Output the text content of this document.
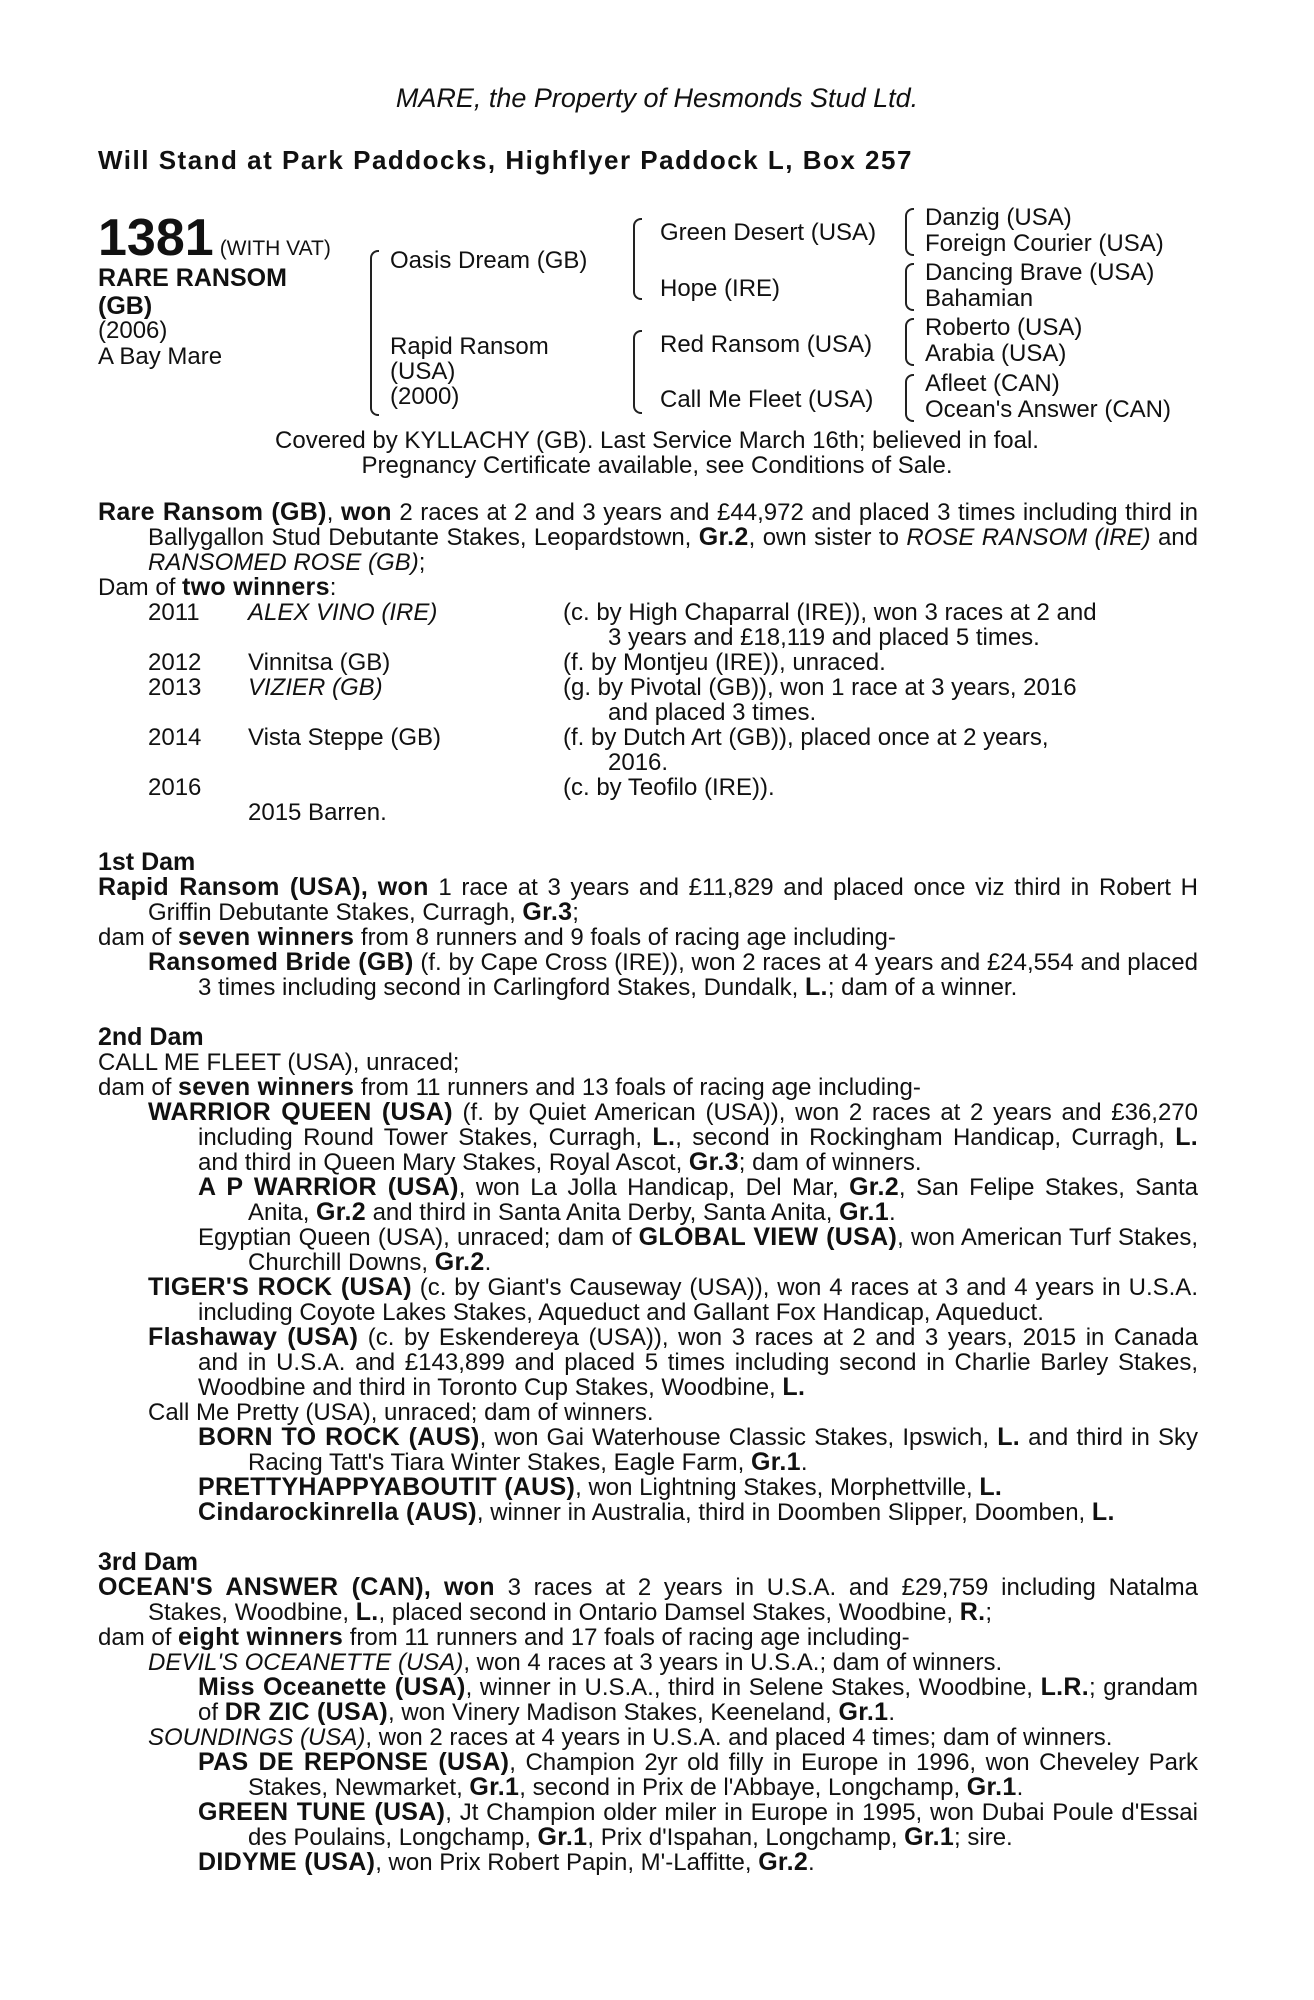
MARE, the Property of Hesmonds Stud Ltd.
Will Stand at Park Paddocks, Highflyer Paddock L, Box 257
1381 (WITH VAT)
RARE RANSOM
(GB)
(2006)
A Bay Mare
Oasis Dream (GB)
Rapid Ransom
(USA)
(2000)
Green Desert (USA)
Hope (IRE)
Red Ransom (USA)
Call Me Fleet (USA)
Danzig (USA)
Foreign Courier (USA)
Dancing Brave (USA)
Bahamian
Roberto (USA)
Arabia (USA)
Afleet (CAN)
Ocean's Answer (CAN)
Covered by KYLLACHY (GB). Last Service March 16th; believed in foal.
Pregnancy Certificate available, see Conditions of Sale.
Rare Ransom (GB), won 2 races at 2 and 3 years and £44,972 and placed 3 times including third in Ballygallon Stud Debutante Stakes, Leopardstown, Gr.2, own sister to ROSE RANSOM (IRE) and RANSOMED ROSE (GB);
Dam of two winners:
2011 ALEX VINO (IRE)	(c. by High Chaparral (IRE)), won 3 races at 2 and
3 years and £18,119 and placed 5 times.
2012 Vinnitsa (GB)	(f. by Montjeu (IRE)), unraced.
2013 VIZIER (GB)	(g. by Pivotal (GB)), won 1 race at 3 years, 2016
and placed 3 times.
2014 Vista Steppe (GB)	(f. by Dutch Art (GB)), placed once at 2 years,
2016.
2016	(c. by Teofilo (IRE)).
2015 Barren.
1st Dam
Rapid Ransom (USA), won 1 race at 3 years and £11,829 and placed once viz third in Robert H Griffin Debutante Stakes, Curragh, Gr.3;
dam of seven winners from 8 runners and 9 foals of racing age including-
Ransomed Bride (GB) (f. by Cape Cross (IRE)), won 2 races at 4 years and £24,554 and placed 3 times including second in Carlingford Stakes, Dundalk, L.; dam of a winner.
2nd Dam
CALL ME FLEET (USA), unraced;
dam of seven winners from 11 runners and 13 foals of racing age including-
WARRIOR QUEEN (USA) (f. by Quiet American (USA)), won 2 races at 2 years and £36,270 including Round Tower Stakes, Curragh, L., second in Rockingham Handicap, Curragh, L. and third in Queen Mary Stakes, Royal Ascot, Gr.3; dam of winners.
A P WARRIOR (USA), won La Jolla Handicap, Del Mar, Gr.2, San Felipe Stakes, Santa Anita, Gr.2 and third in Santa Anita Derby, Santa Anita, Gr.1.
Egyptian Queen (USA), unraced; dam of GLOBAL VIEW (USA), won American Turf Stakes, Churchill Downs, Gr.2.
TIGER'S ROCK (USA) (c. by Giant's Causeway (USA)), won 4 races at 3 and 4 years in U.S.A. including Coyote Lakes Stakes, Aqueduct and Gallant Fox Handicap, Aqueduct.
Flashaway (USA) (c. by Eskendereya (USA)), won 3 races at 2 and 3 years, 2015 in Canada and in U.S.A. and £143,899 and placed 5 times including second in Charlie Barley Stakes, Woodbine and third in Toronto Cup Stakes, Woodbine, L.
Call Me Pretty (USA), unraced; dam of winners.
BORN TO ROCK (AUS), won Gai Waterhouse Classic Stakes, Ipswich, L. and third in Sky Racing Tatt's Tiara Winter Stakes, Eagle Farm, Gr.1.
PRETTYHAPPYABOUTIT (AUS), won Lightning Stakes, Morphettville, L.
Cindarockinrella (AUS), winner in Australia, third in Doomben Slipper, Doomben, L.
3rd Dam
OCEAN'S ANSWER (CAN), won 3 races at 2 years in U.S.A. and £29,759 including Natalma Stakes, Woodbine, L., placed second in Ontario Damsel Stakes, Woodbine, R.;
dam of eight winners from 11 runners and 17 foals of racing age including-
DEVIL'S OCEANETTE (USA), won 4 races at 3 years in U.S.A.; dam of winners.
Miss Oceanette (USA), winner in U.S.A., third in Selene Stakes, Woodbine, L.R.; grandam of DR ZIC (USA), won Vinery Madison Stakes, Keeneland, Gr.1.
SOUNDINGS (USA), won 2 races at 4 years in U.S.A. and placed 4 times; dam of winners.
PAS DE REPONSE (USA), Champion 2yr old filly in Europe in 1996, won Cheveley Park Stakes, Newmarket, Gr.1, second in Prix de l'Abbaye, Longchamp, Gr.1.
GREEN TUNE (USA), Jt Champion older miler in Europe in 1995, won Dubai Poule d'Essai des Poulains, Longchamp, Gr.1, Prix d'Ispahan, Longchamp, Gr.1; sire.
DIDYME (USA), won Prix Robert Papin, M'-Laffitte, Gr.2.
